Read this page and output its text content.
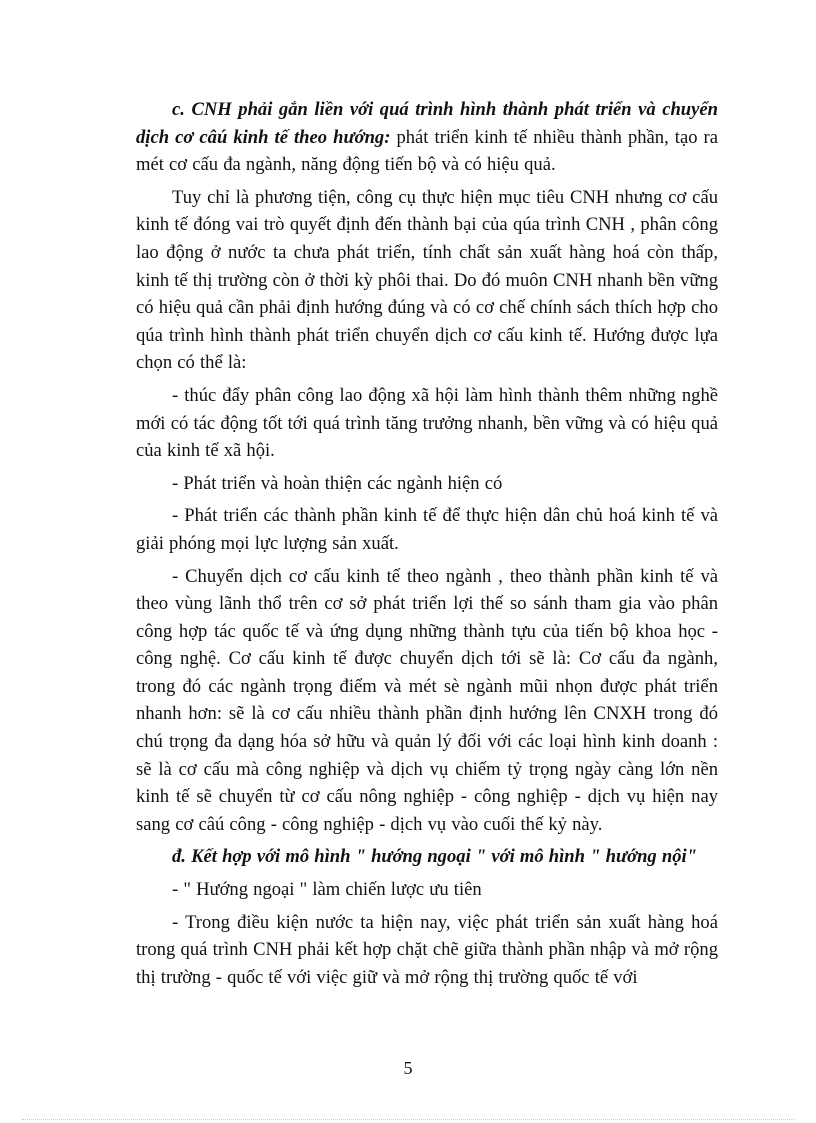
c. CNH phải gắn liền với quá trình hình thành phát triển và chuyển dịch cơ câú kinh tế theo hướng: phát triển kinh tế nhiều thành phần, tạo ra mét cơ cấu đa ngành, năng động tiến bộ và có hiệu quả.

Tuy chỉ là phương tiện, công cụ thực hiện mục tiêu CNH nhưng cơ cấu kinh tế đóng vai trò quyết định đến thành bại của qúa trình CNH , phân công lao động ở nước ta chưa phát triển, tính chất sản xuất hàng hoá còn thấp, kinh tế thị trường còn ở thời kỳ phôi thai. Do đó muôn CNH nhanh bền vững có hiệu quả cần phải định hướng đúng và có cơ chế chính sách thích hợp cho qúa trình hình thành phát triển chuyển dịch cơ cấu kinh tế. Hướng được lựa chọn có thể là:

- thúc đẩy phân công lao động xã hội làm hình thành thêm những nghề mới có tác động tốt tới quá trình tăng trưởng nhanh, bền vững và có hiệu quả của kinh tế xã hội.

- Phát triển và hoàn thiện các ngành hiện có

- Phát triển các thành phần kinh tế để thực hiện dân chủ hoá kinh tế và giải phóng mọi lực lượng sản xuất.

- Chuyển dịch cơ cấu kinh tế theo ngành , theo thành phần kinh tế và theo vùng lãnh thổ trên cơ sở phát triển lợi thế so sánh tham gia vào phân công hợp tác quốc tế và ứng dụng những thành tựu của tiến bộ khoa học - công nghệ. Cơ cấu kinh tế được chuyển dịch tới sẽ là: Cơ cấu đa ngành, trong đó các ngành trọng điểm và mét sè ngành mũi nhọn được phát triển nhanh hơn: sẽ là cơ cấu nhiều thành phần định hướng lên CNXH trong đó chú trọng đa dạng hóa sở hữu và quản lý đối với các loại hình kinh doanh : sẽ là cơ cấu mà công nghiệp và dịch vụ chiếm tỷ trọng ngày càng lớn nền kinh tế sẽ chuyển từ cơ cấu nông nghiệp - công nghiệp - dịch vụ hiện nay sang cơ câú công - công nghiệp - dịch vụ vào cuối thế kỷ này.

đ. Kết hợp với mô hình " hướng ngoại " với mô hình " hướng nội"

- " Hướng ngoại " làm chiến lược ưu tiên

- Trong điều kiện nước ta hiện nay, việc phát triển sản xuất hàng hoá trong quá trình CNH phải kết hợp chặt chẽ giữa thành phần nhập và mở rộng thị trường - quốc tế với việc giữ và mở rộng thị trường quốc tế với

5
